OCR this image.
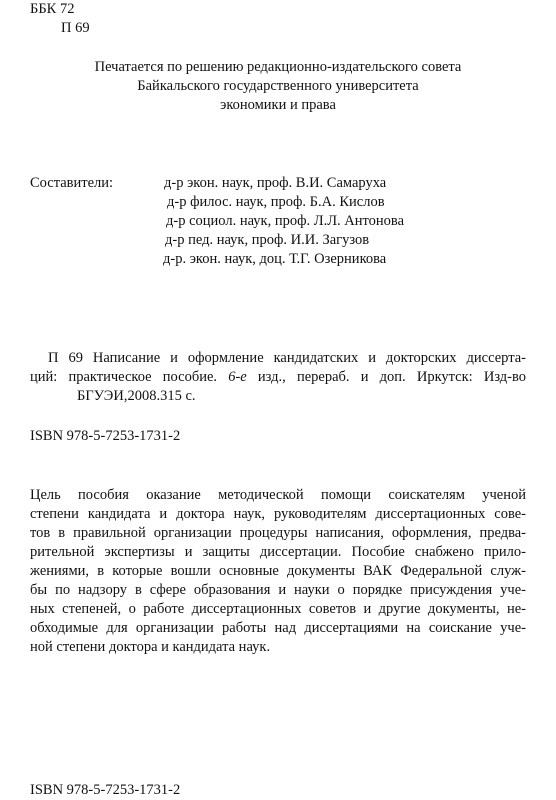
ББК 72
П 69
Печатается по решению редакционно-издательского совета
Байкальского государственного университета
экономики и права
Составители:	д-р экон. наук, проф. В.И. Самаруха
д-р филос. наук, проф. Б.А. Кислов
д-р социол. наук, проф. Л.Л. Антонова
д-р пед. наук, проф. И.И. Загузов
д-р. экон. наук, доц. Т.Г. Озерникова
П 69 Написание и оформление кандидатских и докторских диссерта-
ций: практическое пособие. 6-е изд., перераб. и доп. Иркутск: Изд-во
БГУЭИ,2008.315 с.
ISBN 978-5-7253-1731-2
Цель пособия оказание методической помощи соискателям ученой
степени кандидата и доктора наук, руководителям диссертационных сове-
тов в правильной организации процедуры написания, оформления, предва-
рительной экспертизы и защиты диссертации. Пособие снабжено прило-
жениями, в которые вошли основные документы ВАК Федеральной служ-
бы по надзору в сфере образования и науки о порядке присуждения уче-
ных степеней, о работе диссертационных советов и другие документы, не-
обходимые для организации работы над диссертациями на соискание уче-
ной степени доктора и кандидата наук.
ISBN 978-5-7253-1731-2
